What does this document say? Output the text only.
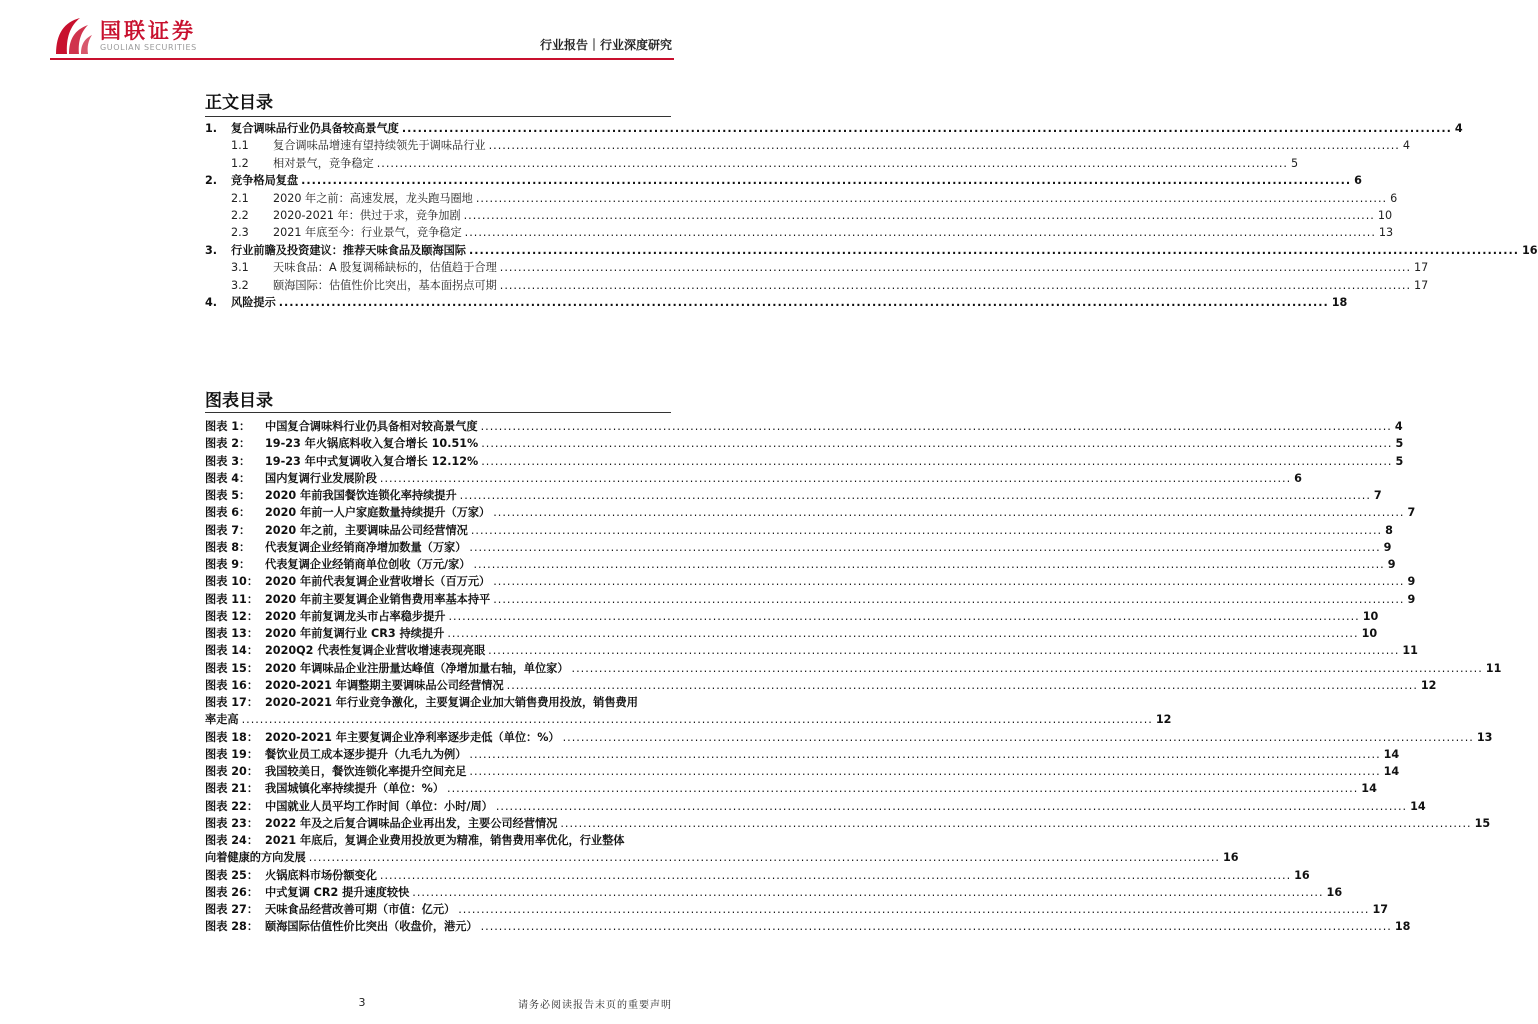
国联证券
GUOLIAN SECURITIES	行业报告｜行业深度研究
正文目录
1.	复合调味品行业仍具备较高景气度 ........................................................................................................................................................................................................ 4
1.1	复合调味品增速有望持续领先于调味品行业 ........................................................................................................................................................................................................ 4
1.2	相对景气，竞争稳定 ........................................................................................................................................................................................................ 5
2.	竞争格局复盘 ........................................................................................................................................................................................................ 6
2.1	2020 年之前：高速发展，龙头跑马圈地 ........................................................................................................................................................................................................ 6
2.2	2020-2021 年：供过于求，竞争加剧 ........................................................................................................................................................................................................ 10
2.3	2021 年底至今：行业景气，竞争稳定 ........................................................................................................................................................................................................ 13
3.	行业前瞻及投资建议：推荐天味食品及颐海国际 ........................................................................................................................................................................................................ 16
3.1	天味食品：A 股复调稀缺标的，估值趋于合理 ........................................................................................................................................................................................................ 17
3.2	颐海国际：估值性价比突出，基本面拐点可期 ........................................................................................................................................................................................................ 17
4.	风险提示 ........................................................................................................................................................................................................ 18
图表目录
图表 1：	中国复合调味料行业仍具备相对较高景气度 ........................................................................................................................................................................................................ 4
图表 2：	19-23 年火锅底料收入复合增长 10.51% ........................................................................................................................................................................................................ 5
图表 3：	19-23 年中式复调收入复合增长 12.12% ........................................................................................................................................................................................................ 5
图表 4：	国内复调行业发展阶段 ........................................................................................................................................................................................................ 6
图表 5：	2020 年前我国餐饮连锁化率持续提升 ........................................................................................................................................................................................................ 7
图表 6：	2020 年前一人户家庭数量持续提升（万家） ........................................................................................................................................................................................................ 7
图表 7：	2020 年之前，主要调味品公司经营情况 ........................................................................................................................................................................................................ 8
图表 8：	代表复调企业经销商净增加数量（万家） ........................................................................................................................................................................................................ 9
图表 9：	代表复调企业经销商单位创收（万元/家） ........................................................................................................................................................................................................ 9
图表 10： 2020 年前代表复调企业营收增长（百万元） ........................................................................................................................................................................................................ 9
图表 11： 2020 年前主要复调企业销售费用率基本持平 ........................................................................................................................................................................................................ 9
图表 12： 2020 年前复调龙头市占率稳步提升 ........................................................................................................................................................................................................ 10
图表 13： 2020 年前复调行业 CR3 持续提升 ........................................................................................................................................................................................................ 10
图表 14： 2020Q2 代表性复调企业营收增速表现亮眼 ........................................................................................................................................................................................................ 11
图表 15： 2020 年调味品企业注册量达峰值（净增加量右轴，单位家） ........................................................................................................................................................................................................ 11
图表 16： 2020-2021 年调整期主要调味品公司经营情况 ........................................................................................................................................................................................................ 12
图表 17： 2020-2021 年行业竞争激化，主要复调企业加大销售费用投放，销售费用
率走高 ........................................................................................................................................................................................................ 12
图表 18： 2020-2021 年主要复调企业净利率逐步走低（单位：%） ........................................................................................................................................................................................................ 13
图表 19： 餐饮业员工成本逐步提升（九毛九为例） ........................................................................................................................................................................................................ 14
图表 20： 我国较美日，餐饮连锁化率提升空间充足 ........................................................................................................................................................................................................ 14
图表 21： 我国城镇化率持续提升（单位：%） ........................................................................................................................................................................................................ 14
图表 22： 中国就业人员平均工作时间（单位：小时/周） ........................................................................................................................................................................................................ 14
图表 23： 2022 年及之后复合调味品企业再出发，主要公司经营情况 ........................................................................................................................................................................................................ 15
图表 24： 2021 年底后，复调企业费用投放更为精准，销售费用率优化，行业整体
向着健康的方向发展 ........................................................................................................................................................................................................ 16
图表 25： 火锅底料市场份额变化 ........................................................................................................................................................................................................ 16
图表 26： 中式复调 CR2 提升速度较快 ........................................................................................................................................................................................................ 16
图表 27： 天味食品经营改善可期（市值：亿元） ........................................................................................................................................................................................................ 17
图表 28： 颐海国际估值性价比突出（收盘价，港元） ........................................................................................................................................................................................................ 18
3	请务必阅读报告末页的重要声明
